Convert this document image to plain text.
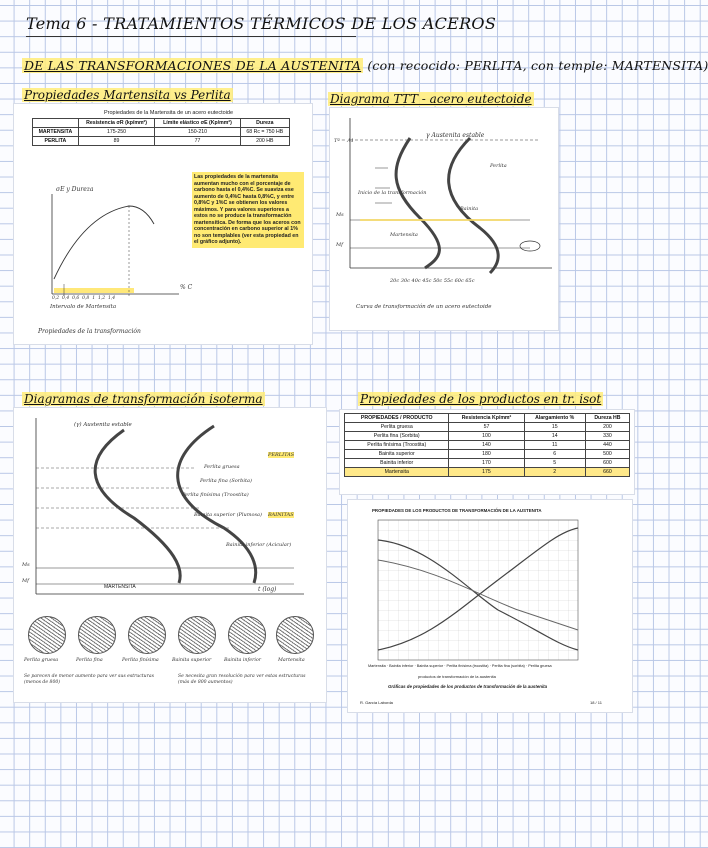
Tema 6 - TRATAMIENTOS TÉRMICOS DE LOS ACEROS
DE LAS TRANSFORMACIONES DE LA AUSTENITA (con recocido: PERLITA, con temple: MARTENSITA)
Propiedades Martensita vs Perlita
Propiedades de la Martensita de un acero eutectoide
	Resistencia σR (kp/mm²)	Límite elástico σE (Kp/mm²)	Dureza
MARTENSITA	175-250	150-210	68 Rc = 750 HB
PERLITA	89	77	200 HB
σE y Dureza
% C
0,2 0,4 0,6 0,8 1 1,2 1,4
Intervalo de Martensita
Propiedades de la transformación
Las propiedades de la martensita aumentan mucho con el porcentaje de carbono hasta el 0,4%C. Se suaviza ese aumento de 0,4%C hasta 0,8%C, y entre 0,8%C y 1%C se obtienen los valores máximos. Y para valores superiores a estos no se produce la transformación martensítica. De forma que los aceros con concentración en carbono superior al 1% no son templables (ver esta propiedad en el gráfico adjunto).
Diagrama TTT - acero eutectoide
γ Austenita estable
Tª = A1
Ms
Mf
Inicio de la transformación
Perlita
Bainita
Martensita
20c 30c 40c 45c 50c 55c 60c 65c
Curva de transformación de un acero eutectoide
Diagramas de transformación isoterma
(γ) Austenita estable
Perlita gruesa
Perlita fina (Sorbita)
Perlita finísima (Troostita)
Bainita superior (Plumosa)
Bainita inferior (Acicular)
Ms
Mf
MARTENSITA	t (log)
PERLITAS
BAINITAS
Perlita gruesa	Perlita fina	Perlita finísima	Bainita superior	Bainita inferior	Martensita
Se parecen de menor aumento para ver sus estructuras (menos de 800)
Se necesita gran resolución para ver estas estructuras (más de 800 aumentos)
Propiedades de los productos en tr. isot
PROPIEDADES / PRODUCTO	Resistencia Kp/mm²	Alargamiento %	Dureza HB
Perlita gruesa	57	15	200
Perlita fina (Sorbita)	100	14	330
Perlita finísima (Troostita)	140	11	440
Bainita superior	180	6	500
Bainita inferior	170	5	600
Martensita	175	2	660
PROPIEDADES DE LOS PRODUCTOS DE TRANSFORMACIÓN DE LA AUSTENITA
Martensita · Bainita inferior · Bainita superior · Perlita finísima (troostita) · Perlita fina (sorbita) · Perlita gruesa
productos de transformación de la austenita
Gráficas de propiedades de los productos de transformación de la austenita
R. García Laborda	18 / 11
